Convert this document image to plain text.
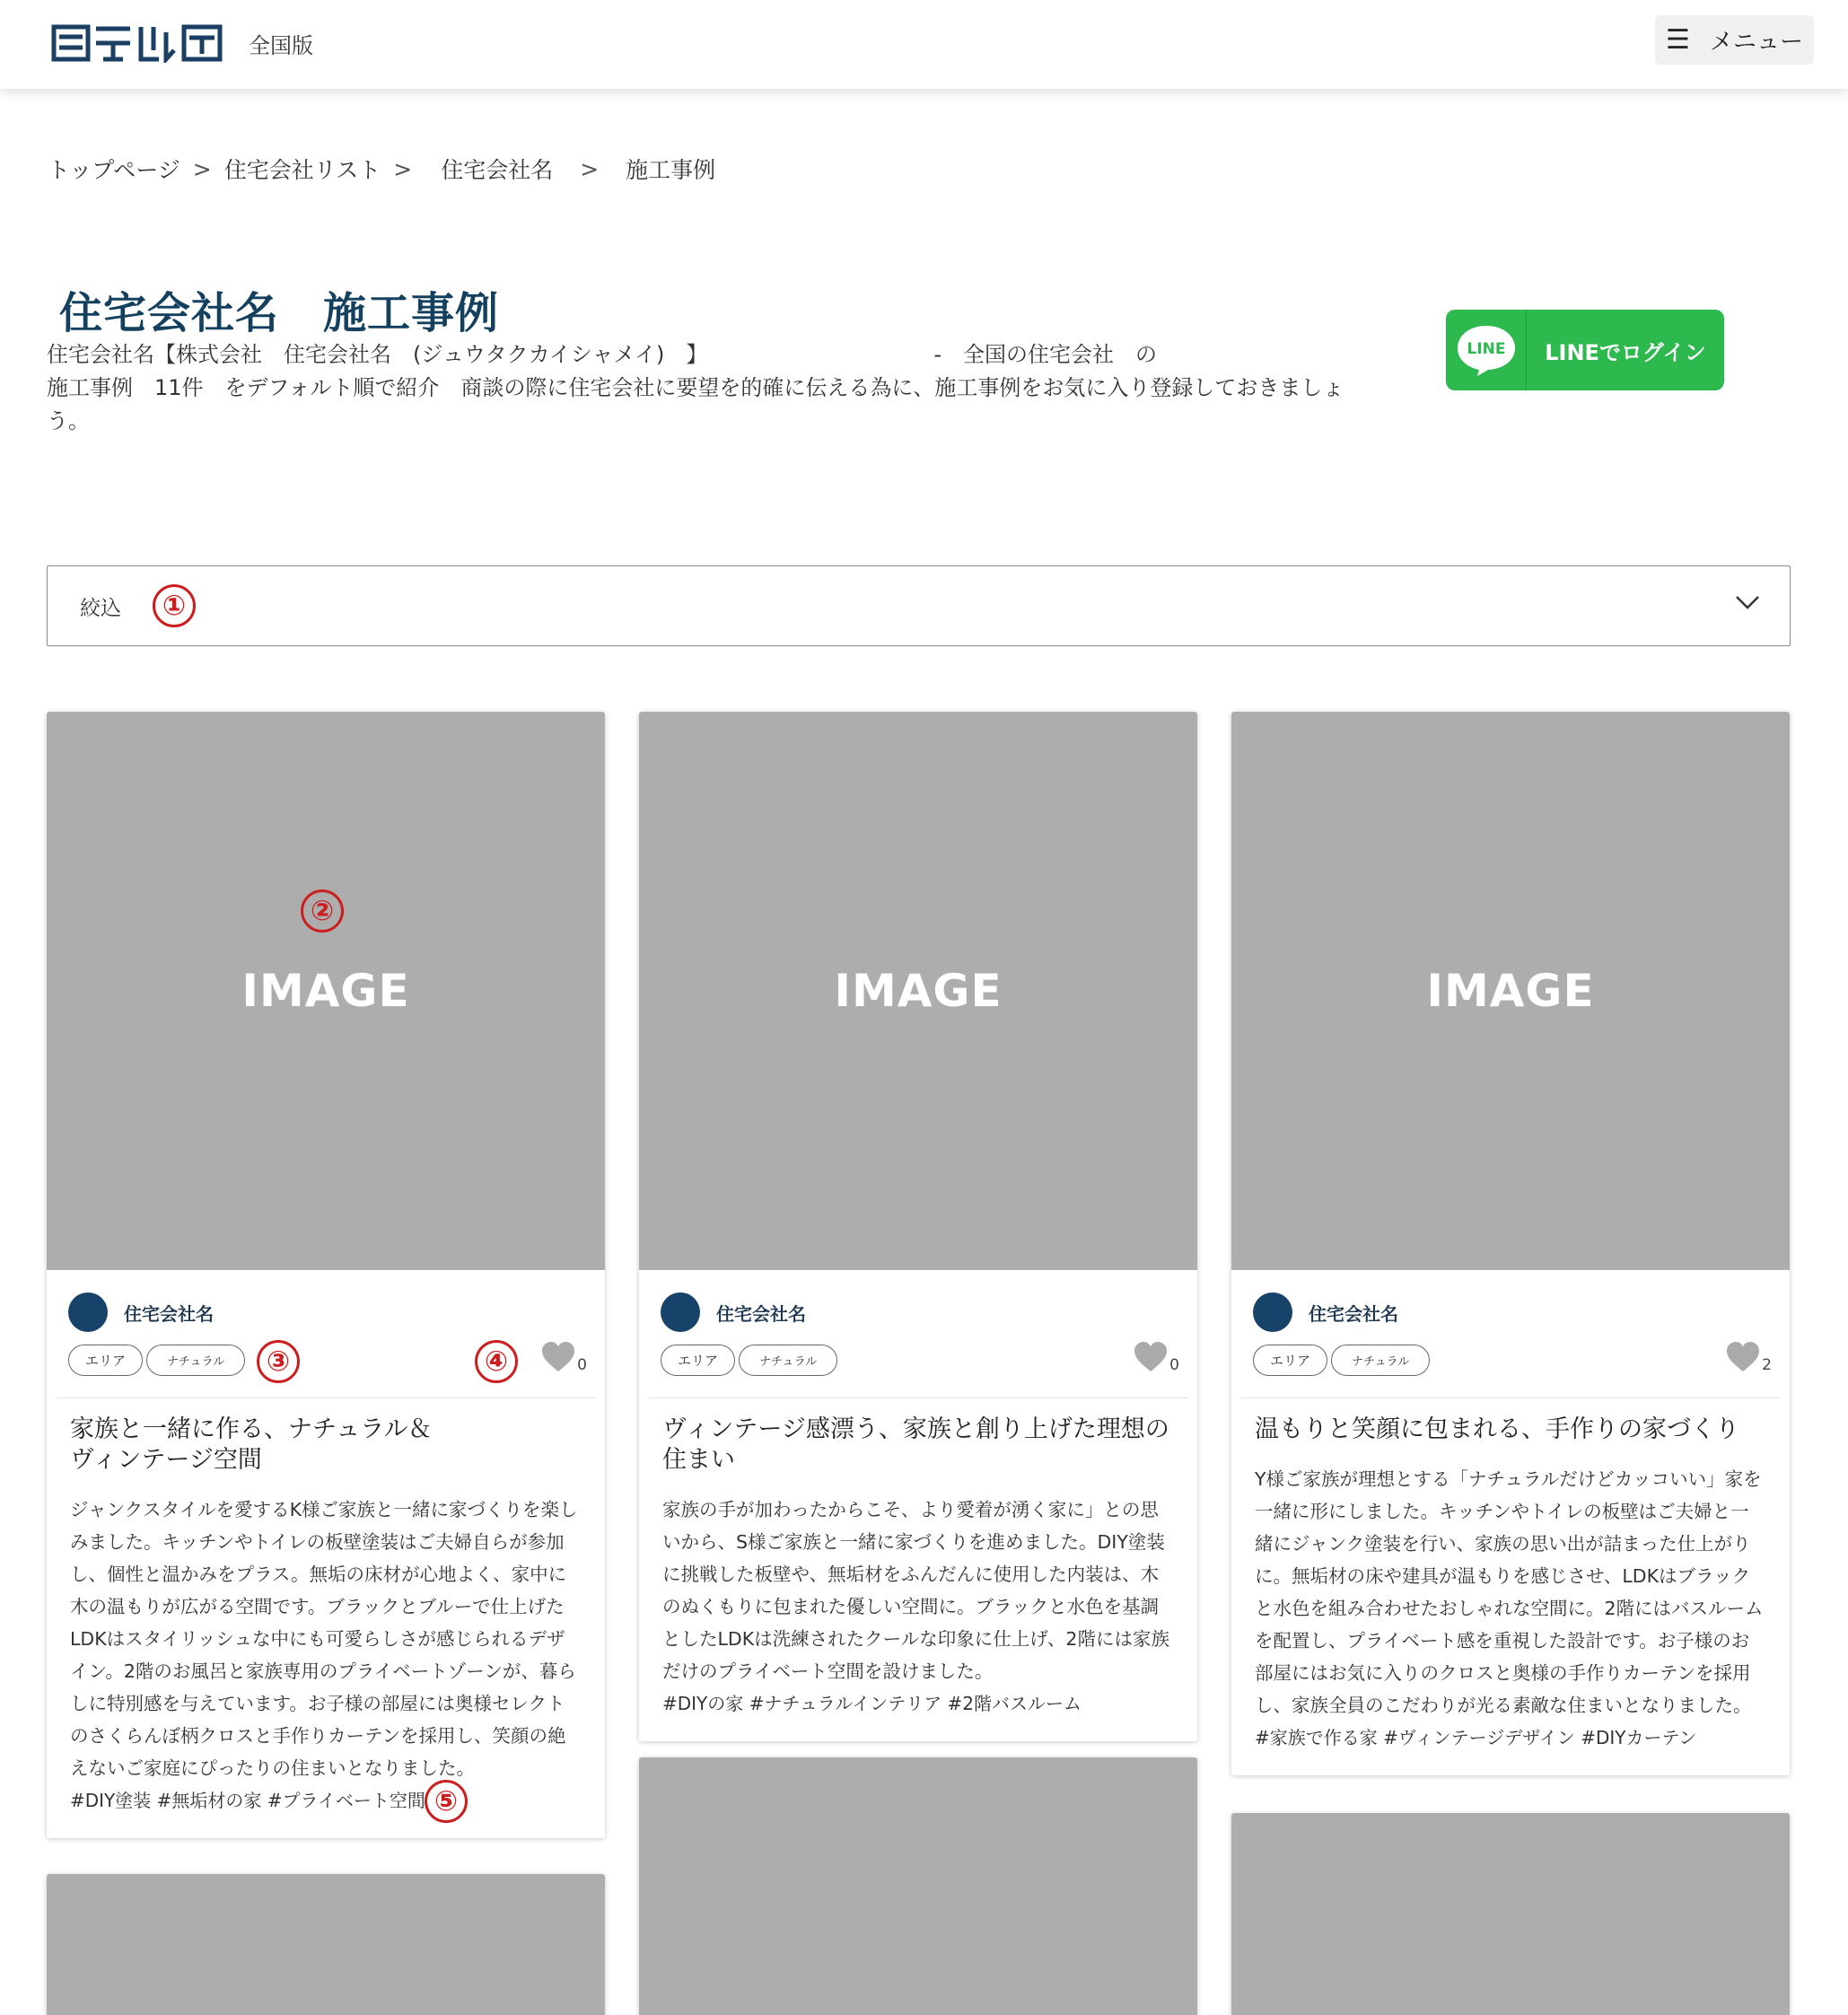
全国版	☰ メニュー
トップページ > 住宅会社リスト > 住宅会社名 > 施工事例
住宅会社名　施工事例
住宅会社名【株式会社　住宅会社名　(ジュウタクカイシャメイ)　】　　　　　　　　　　　-　全国の住宅会社　の
施工事例　11件　をデフォルト順で紹介　商談の際に住宅会社に要望を的確に伝える為に、施工事例をお気に入り登録しておきましょ
う。
LINE	LINEでログイン
絞込	①
IMAGE
住宅会社名
エリア	ナチュラル	0
家族と一緒に作る、ナチュラル＆
ヴィンテージ空間
ジャンクスタイルを愛するK様ご家族と一緒に家づくりを楽しみました。キッチンやトイレの板壁塗装はご夫婦自らが参加し、個性と温かみをプラス。無垢の床材が心地よく、家中に木の温もりが広がる空間です。ブラックとブルーで仕上げたLDKはスタイリッシュな中にも可愛らしさが感じられるデザイン。2階のお風呂と家族専用のプライベートゾーンが、暮らしに特別感を与えています。お子様の部屋には奥様セレクトのさくらんぼ柄クロスと手作りカーテンを採用し、笑顔の絶えないご家庭にぴったりの住まいとなりました。
#DIY塗装 #無垢材の家 #プライベート空間
②
③	④
⑤
IMAGE
住宅会社名
エリア	ナチュラル	0
ヴィンテージ感漂う、家族と創り上げた理想の
住まい
家族の手が加わったからこそ、より愛着が湧く家に」との思いから、S様ご家族と一緒に家づくりを進めました。DIY塗装に挑戦した板壁や、無垢材をふんだんに使用した内装は、木のぬくもりに包まれた優しい空間に。ブラックと水色を基調としたLDKは洗練されたクールな印象に仕上げ、2階には家族だけのプライベート空間を設けました。
#DIYの家 #ナチュラルインテリア #2階バスルーム
IMAGE
住宅会社名
エリア	ナチュラル	2
温もりと笑顔に包まれる、手作りの家づくり
Y様ご家族が理想とする「ナチュラルだけどカッコいい」家を一緒に形にしました。キッチンやトイレの板壁はご夫婦と一緒にジャンク塗装を行い、家族の思い出が詰まった仕上がりに。無垢材の床や建具が温もりを感じさせ、LDKはブラックと水色を組み合わせたおしゃれな空間に。2階にはバスルームを配置し、プライベート感を重視した設計です。お子様のお部屋にはお気に入りのクロスと奥様の手作りカーテンを採用し、家族全員のこだわりが光る素敵な住まいとなりました。
#家族で作る家 #ヴィンテージデザイン #DIYカーテン
